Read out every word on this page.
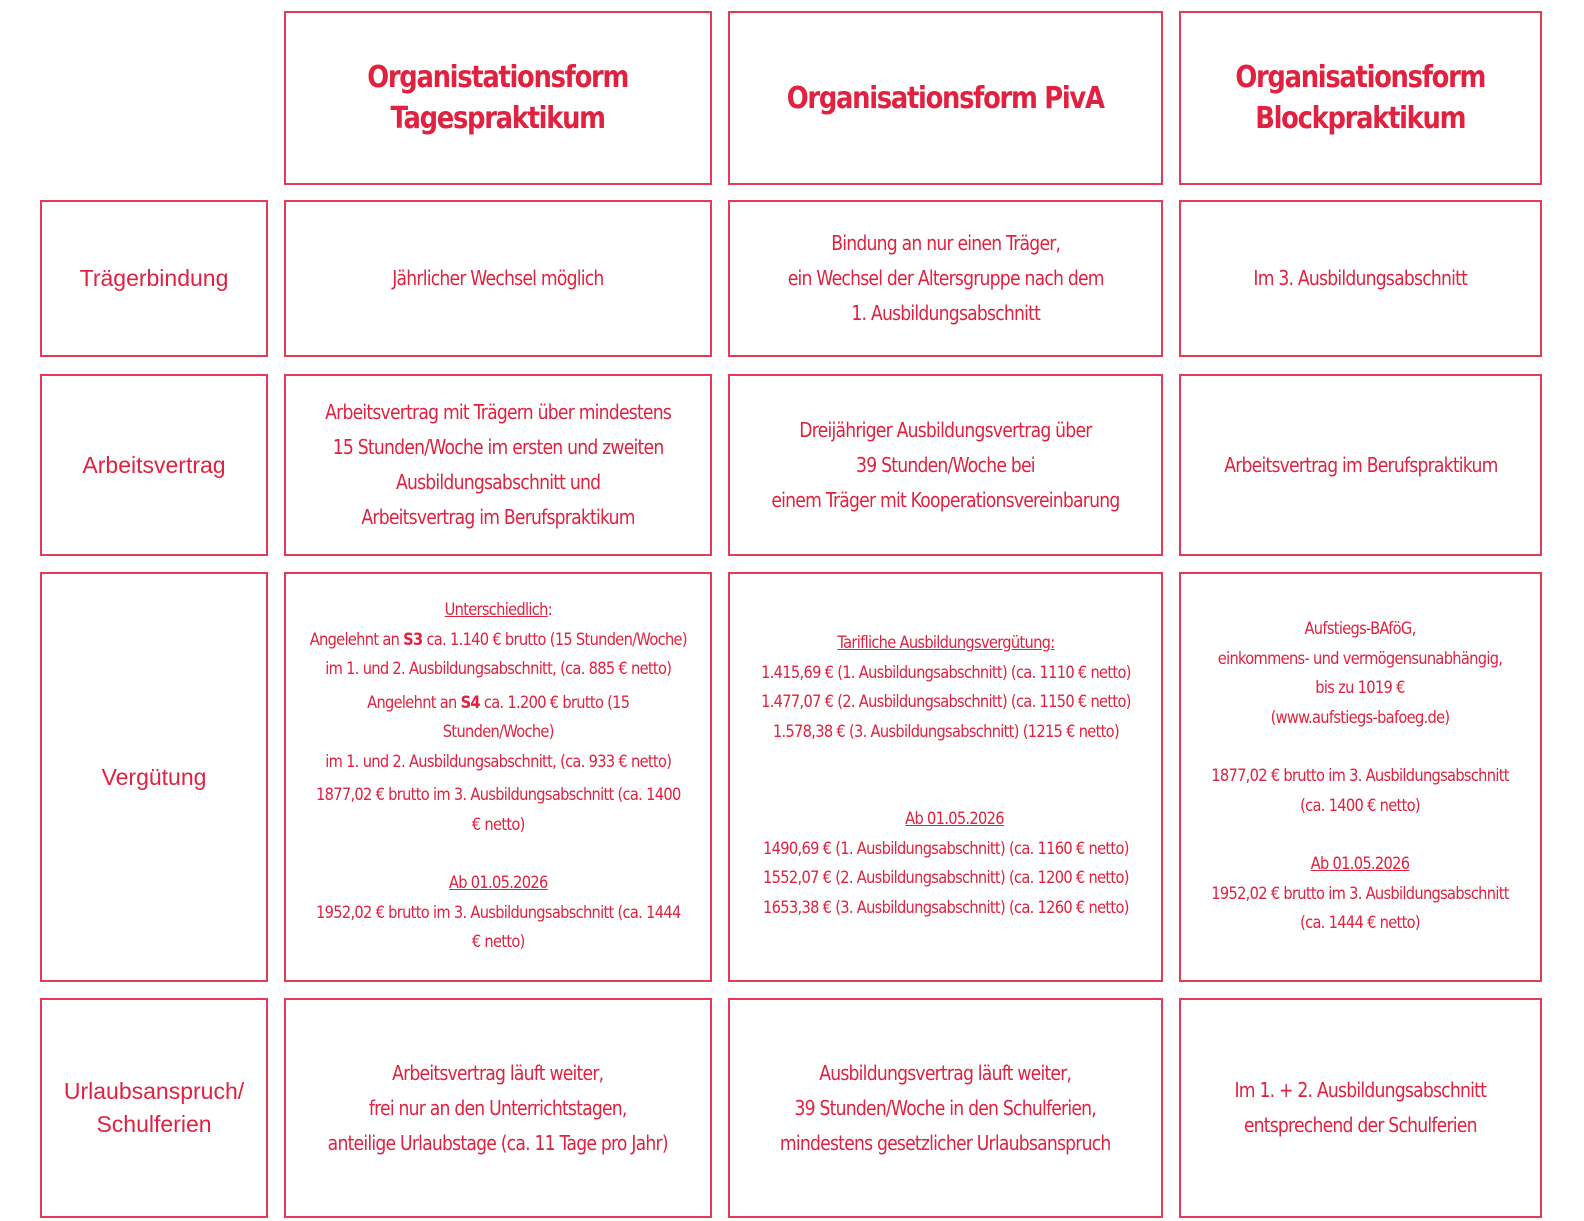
Organistationsform
Tagespraktikum
Organisationsform PivA
Organisationsform
Blockpraktikum
Trägerbindung	Jährlicher Wechsel möglich
Bindung an nur einen Träger,
ein Wechsel der Altersgruppe nach dem
1. Ausbildungsabschnitt
Im 3. Ausbildungsabschnitt
Arbeitsvertrag
Arbeitsvertrag mit Trägern über mindestens
15 Stunden/Woche im ersten und zweiten
Ausbildungsabschnitt und
Arbeitsvertrag im Berufspraktikum
Dreijähriger Ausbildungsvertrag über
39 Stunden/Woche bei
einem Träger mit Kooperationsvereinbarung
Arbeitsvertrag im Berufspraktikum
Vergütung
Unterschiedlich:
Angelehnt an S3 ca. 1.140 € brutto (15 Stunden/Woche)
im 1. und 2. Ausbildungsabschnitt, (ca. 885 € netto)
Angelehnt an S4 ca. 1.200 € brutto (15
Stunden/Woche)
im 1. und 2. Ausbildungsabschnitt, (ca. 933 € netto)
1877,02 € brutto im 3. Ausbildungsabschnitt (ca. 1400
€ netto)
Ab 01.05.2026
1952,02 € brutto im 3. Ausbildungsabschnitt (ca. 1444
€ netto)
Tarifliche Ausbildungsvergütung:
1.415,69 € (1. Ausbildungsabschnitt) (ca. 1110 € netto)
1.477,07 € (2. Ausbildungsabschnitt) (ca. 1150 € netto)
1.578,38 € (3. Ausbildungsabschnitt) (1215 € netto)
Ab 01.05.2026
1490,69 € (1. Ausbildungsabschnitt) (ca. 1160 € netto)
1552,07 € (2. Ausbildungsabschnitt) (ca. 1200 € netto)
1653,38 € (3. Ausbildungsabschnitt) (ca. 1260 € netto)
Aufstiegs-BAföG,
einkommens- und vermögensunabhängig,
bis zu 1019 €
(www.aufstiegs-bafoeg.de)
1877,02 € brutto im 3. Ausbildungsabschnitt
(ca. 1400 € netto)
Ab 01.05.2026
1952,02 € brutto im 3. Ausbildungsabschnitt
(ca. 1444 € netto)
Urlaubsanspruch/
Schulferien
Arbeitsvertrag läuft weiter,
frei nur an den Unterrichtstagen,
anteilige Urlaubstage (ca. 11 Tage pro Jahr)
Ausbildungsvertrag läuft weiter,
39 Stunden/Woche in den Schulferien,
mindestens gesetzlicher Urlaubsanspruch
Im 1. + 2. Ausbildungsabschnitt
entsprechend der Schulferien
